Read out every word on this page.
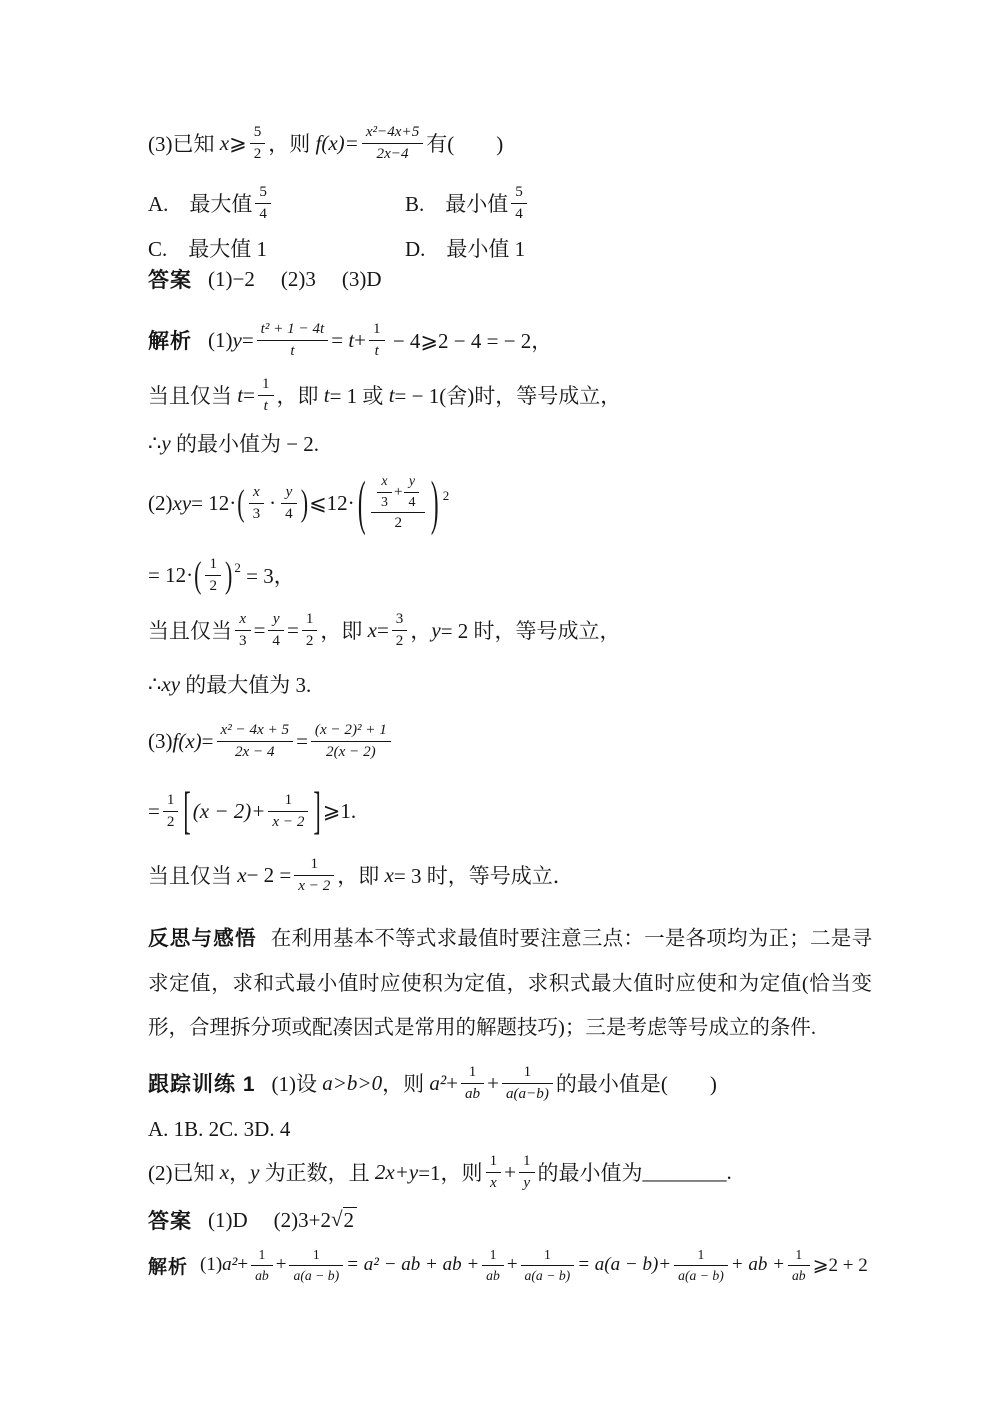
(3)已知 x ⩾ $\frac{5}{2}$ ，则 $f(x)= \frac{\text{x²−4x+5}}{2x-4}$ 有(　　)
A.　最大值 $\frac{5}{4}$	B.　最小值 $\frac{5}{4}$
C.　最大值 1	D.　最小值 1
答案 (1)−2 (2)3 (3)D
解析 (1) $y = \frac{\text{t² + 1 − 4t}}{t} = t + \frac{1}{t}$ − 4⩾2 − 4 = − 2，
当且仅当 $t = \frac{1}{t}$ ，即 t = 1 或 t = − 1(舍)时，等号成立，
∴ y 的最小值为 − 2.
(2) xy = 12· ( $\frac{x}{3} \cdot \frac{y}{4}$ ) ⩽12· ( $\frac{\frac{x}{3} + \frac{y}{4}}{2}$ ) 2
= 12· ( $\frac{1}{2}$ ) 2 = 3，
当且仅当 $\frac{x}{3} = \frac{y}{4} = \frac{1}{2}$ ，即 $x = \frac{3}{2}$ ， y = 2 时，等号成立，
∴ xy 的最大值为 3.
(3) $f(x) = \frac{\text{x² − 4x + 5}}{2x - 4} = \frac{\text{(x − 2)² + 1}}{2(x - 2)}$
= $\frac{1}{2}$ [ $(x - 2)+ \frac{1}{x - 2}$ ] ⩾1.
当且仅当 $x - 2 = \frac{1}{x - 2}$ ，即 x = 3 时，等号成立．
反思与感悟 在利用基本不等式求最值时要注意三点：一是各项均为正；二是寻求定值，求和式最小值时应使积为定值，求积式最大值时应使和为定值(恰当变形，合理拆分项或配凑因式是常用的解题技巧)；三是考虑等号成立的条件.
跟踪训练 1 (1)设 a>b>0 ，则 $a^2 + \frac{1}{ab} + \frac{1}{a(a-b)}$ 的最小值是(　　)
A. 1B. 2C. 3D. 4
(2)已知 x ， y 为正数，且 2x+y =1，则 $\frac{1}{x} + \frac{1}{y}$ 的最小值为 ________ .
答案 (1)D (2)3+2 √ 2
解析 (1) $a^2 + \frac{1}{ab} + \frac{1}{a(a - b)} = a^2$ − ab + ab + $\frac{1}{ab} + \frac{1}{a(a - b)} = a(a - b)+ \frac{1}{a(a - b)}$ + ab + $\frac{1}{ab}$ ⩾2 + 2
